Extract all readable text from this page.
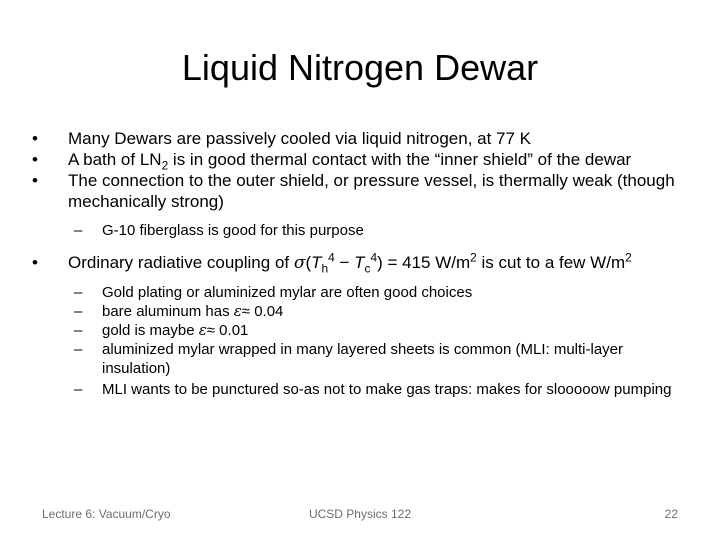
Liquid Nitrogen Dewar

• Many Dewars are passively cooled via liquid nitrogen, at 77 K

• A bath of $LN_2$ is in good thermal contact with the “inner shield” of the dewar

• The connection to the outer shield, or pressure vessel, is thermally weak (though mechanically strong)

– G-10 fiberglass is good for this purpose

• Ordinary radiative coupling of $\sigma(T_h^4 - T_c^4) = 415$ $W/m^2$ is cut to a few $W/m^2$

– Gold plating or aluminized mylar are often good choices

– bare aluminum has ε≈ 0.04

– gold is maybe ε≈ 0.01

– aluminized mylar wrapped in many layered sheets is common (MLI: multi-layer insulation)

– MLI wants to be punctured so-as not to make gas traps: makes for slooooow pumping

Lecture 6: Vacuum/Cryo	UCSD Physics 122	22
